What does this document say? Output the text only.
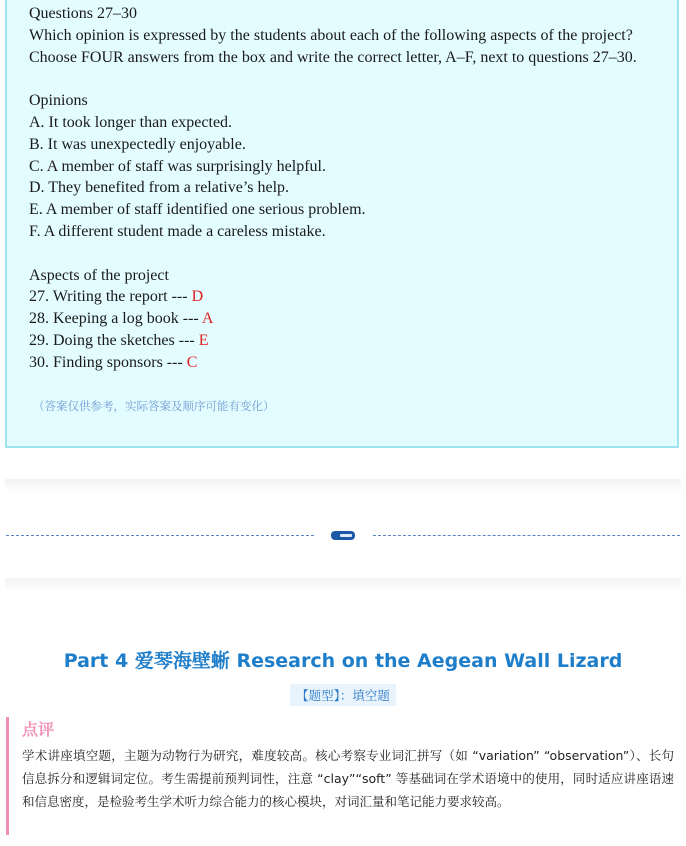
Questions 27–30
Which opinion is expressed by the students about each of the following aspects of the project?
Choose FOUR answers from the box and write the correct letter, A–F, next to questions 27–30.
Opinions
A. It took longer than expected.
B. It was unexpectedly enjoyable.
C. A member of staff was surprisingly helpful.
D. They benefited from a relative’s help.
E. A member of staff identified one serious problem.
F. A different student made a careless mistake.
Aspects of the project
27. Writing the report --- D
28. Keeping a log book --- A
29. Doing the sketches --- E
30. Finding sponsors --- C
（答案仅供参考，实际答案及顺序可能有变化）
Part 4 爱琴海壁蜥 Research on the Aegean Wall Lizard
【题型】：填空题
点评
学术讲座填空题，主题为动物行为研究，难度较高。核心考察专业词汇拼写（如 “variation” “observation”）、长句信息拆分和逻辑词定位。考生需提前预判词性，注意 “clay”“soft” 等基础词在学术语境中的使用，同时适应讲座语速和信息密度，是检验考生学术听力综合能力的核心模块，对词汇量和笔记能力要求较高。
